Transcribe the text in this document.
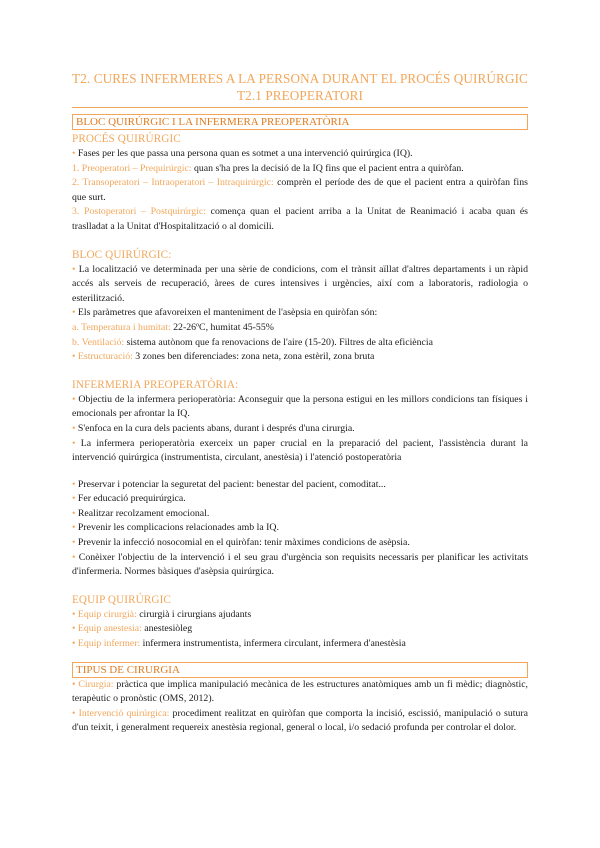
T2. CURES INFERMERES A LA PERSONA DURANT EL PROCÉS QUIRÚRGIC
T2.1 PREOPERATORI
BLOC QUIRÚRGIC I LA INFERMERA PREOPERATÒRIA
PROCÉS QUIRÚRGIC

• Fases per les que passa una persona quan es sotmet a una intervenció quirúrgica (IQ).

1. Preoperatori – Prequirúrgic: quan s'ha pres la decisió de la IQ fins que el pacient entra a quiròfan.

2. Transoperatori – Intraoperatori – Intraquirúrgic: comprèn el període des de que el pacient entra a quiròfan fins que surt.

3. Postoperatori – Postquirúrgic: comença quan el pacient arriba a la Unitat de Reanimació i acaba quan és traslladat a la Unitat d'Hospitalització o al domicili.

BLOC QUIRÚRGIC:

• La localització ve determinada per una sèrie de condicions, com el trànsit aïllat d'altres departaments i un ràpid accés als serveis de recuperació, àrees de cures intensives i urgències, així com a laboratoris, radiologia o esterilització.

• Els paràmetres que afavoreixen el manteniment de l'asèpsia en quiròfan són:

a. Temperatura i humitat: 22-26ºC, humitat 45-55%

b. Ventilació: sistema autònom que fa renovacions de l'aire (15-20). Filtres de alta eficiència

• Estructuració: 3 zones ben diferenciades: zona neta, zona estèril, zona bruta

INFERMERIA PREOPERATÒRIA:

• Objectiu de la infermera perioperatòria: Aconseguir que la persona estigui en les millors condicions tan físiques i emocionals per afrontar la IQ.

• S'enfoca en la cura dels pacients abans, durant i després d'una cirurgia.

• La infermera perioperatòria exerceix un paper crucial en la preparació del pacient, l'assistència durant la intervenció quirúrgica (instrumentista, circulant, anestèsia) i l'atenció postoperatòria

• Preservar i potenciar la seguretat del pacient: benestar del pacient, comoditat...

• Fer educació prequirúrgica.

• Realitzar recolzament emocional.

• Prevenir les complicacions relacionades amb la IQ.

• Prevenir la infecció nosocomial en el quiròfan: tenir màximes condicions de asèpsia.

• Conèixer l'objectiu de la intervenció i el seu grau d'urgència son requisits necessaris per planificar les activitats d'infermeria. Normes bàsiques d'asèpsia quirúrgica.

EQUIP QUIRÚRGIC

• Equip cirurgià: cirurgià i cirurgians ajudants

• Equip anestesia: anestesiòleg

• Equip infermer: infermera instrumentista, infermera circulant, infermera d'anestèsia

TIPUS DE CIRURGIA

• Cirurgia: pràctica que implica manipulació mecànica de les estructures anatòmiques amb un fi mèdic; diagnòstic, terapèutic o pronòstic (OMS, 2012).

• Intervenció quirúrgica: procediment realitzat en quiròfan que comporta la incisió, escissió, manipulació o sutura d'un teixit, i generalment requereix anestèsia regional, general o local, i/o sedació profunda per controlar el dolor.
